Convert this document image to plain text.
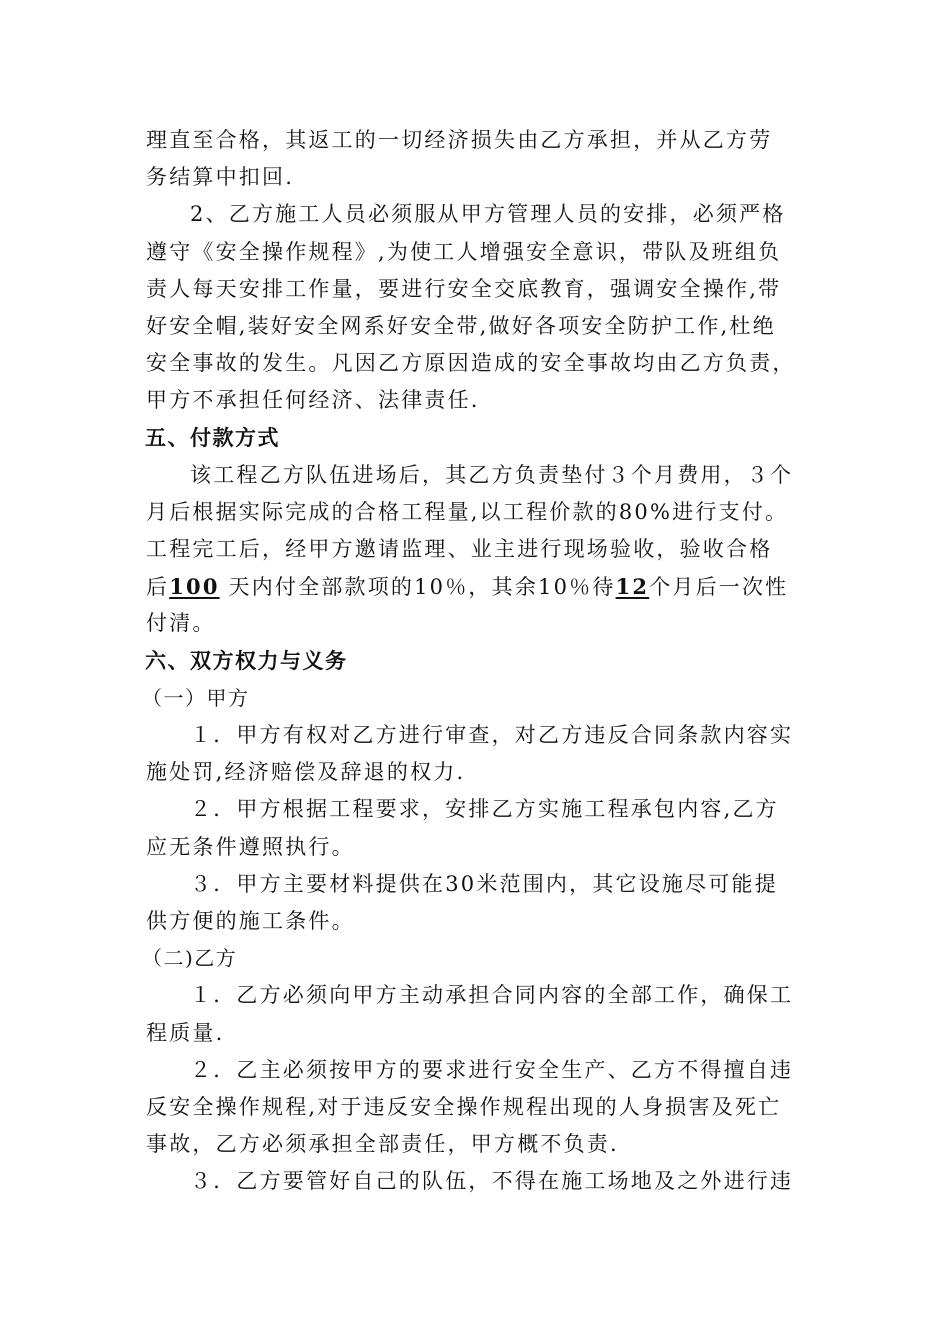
理直至合格，其返工的一切经济损失由乙方承担，并从乙方劳
务结算中扣回.
2、乙方施工人员必须服从甲方管理人员的安排，必须严格
遵守《安全操作规程》,为使工人增强安全意识，带队及班组负
责人每天安排工作量，要进行安全交底教育，强调安全操作,带
好安全帽,装好安全网系好安全带,做好各项安全防护工作,杜绝
安全事故的发生。凡因乙方原因造成的安全事故均由乙方负责，
甲方不承担任何经济、法律责任.
五、付款方式
该工程乙方队伍进场后，其乙方负责垫付３个月费用，３个
月后根据实际完成的合格工程量,以工程价款的80%进行支付。
工程完工后，经甲方邀请监理、业主进行现场验收，验收合格
后100 天内付全部款项的10％，其余10％待12个月后一次性
付清。
六、双方权力与义务
（一）甲方
１．甲方有权对乙方进行审查，对乙方违反合同条款内容实
施处罚,经济赔偿及辞退的权力.
２．甲方根据工程要求，安排乙方实施工程承包内容,乙方
应无条件遵照执行。
３．甲方主要材料提供在30米范围内，其它设施尽可能提
供方便的施工条件。
（二)乙方
１．乙方必须向甲方主动承担合同内容的全部工作，确保工
程质量.
２．乙主必须按甲方的要求进行安全生产、乙方不得擅自违
反安全操作规程,对于违反安全操作规程出现的人身损害及死亡
事故，乙方必须承担全部责任，甲方概不负责.
３．乙方要管好自己的队伍，不得在施工场地及之外进行违
